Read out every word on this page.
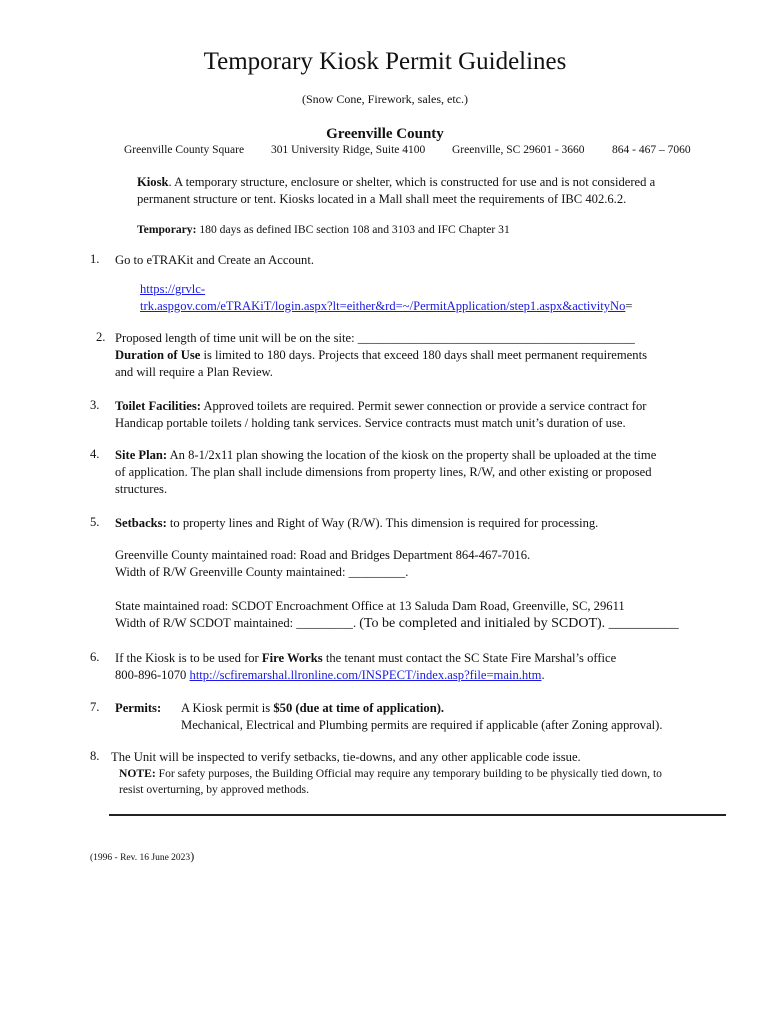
Temporary Kiosk Permit Guidelines
(Snow Cone, Firework, sales, etc.)
Greenville County
Greenville County Square 301 University Ridge, Suite 4100 Greenville, SC 29601 - 3660 864 - 467 – 7060
Kiosk. A temporary structure, enclosure or shelter, which is constructed for use and is not considered a
permanent structure or tent. Kiosks located in a Mall shall meet the requirements of IBC 402.6.2.
Temporary: 180 days as defined IBC section 108 and 3103 and IFC Chapter 31
1. Go to eTRAKit and Create an Account.
https://grvlc-
trk.aspgov.com/eTRAKiT/login.aspx?lt=either&rd=~/PermitApplication/step1.aspx&activityNo=
2. Proposed length of time unit will be on the site: ____________________________________________
Duration of Use is limited to 180 days. Projects that exceed 180 days shall meet permanent requirements
and will require a Plan Review.
3. Toilet Facilities: Approved toilets are required. Permit sewer connection or provide a service contract for
Handicap portable toilets / holding tank services. Service contracts must match unit’s duration of use.
4. Site Plan: An 8-1/2x11 plan showing the location of the kiosk on the property shall be uploaded at the time
of application. The plan shall include dimensions from property lines, R/W, and other existing or proposed
structures.
5. Setbacks: to property lines and Right of Way (R/W). This dimension is required for processing.
Greenville County maintained road: Road and Bridges Department 864-467-7016.
Width of R/W Greenville County maintained: _________.
State maintained road: SCDOT Encroachment Office at 13 Saluda Dam Road, Greenville, SC, 29611
Width of R/W SCDOT maintained: _________. (To be completed and initialed by SCDOT). __________
6. If the Kiosk is to be used for Fire Works the tenant must contact the SC State Fire Marshal’s office
800-896-1070 http://scfiremarshal.llronline.com/INSPECT/index.asp?file=main.htm.
7. Permits: A Kiosk permit is $50 (due at time of application).
Mechanical, Electrical and Plumbing permits are required if applicable (after Zoning approval).
8. The Unit will be inspected to verify setbacks, tie-downs, and any other applicable code issue.
NOTE: For safety purposes, the Building Official may require any temporary building to be physically tied down, to
resist overturning, by approved methods.
(1996 - Rev. 16 June 2023)
